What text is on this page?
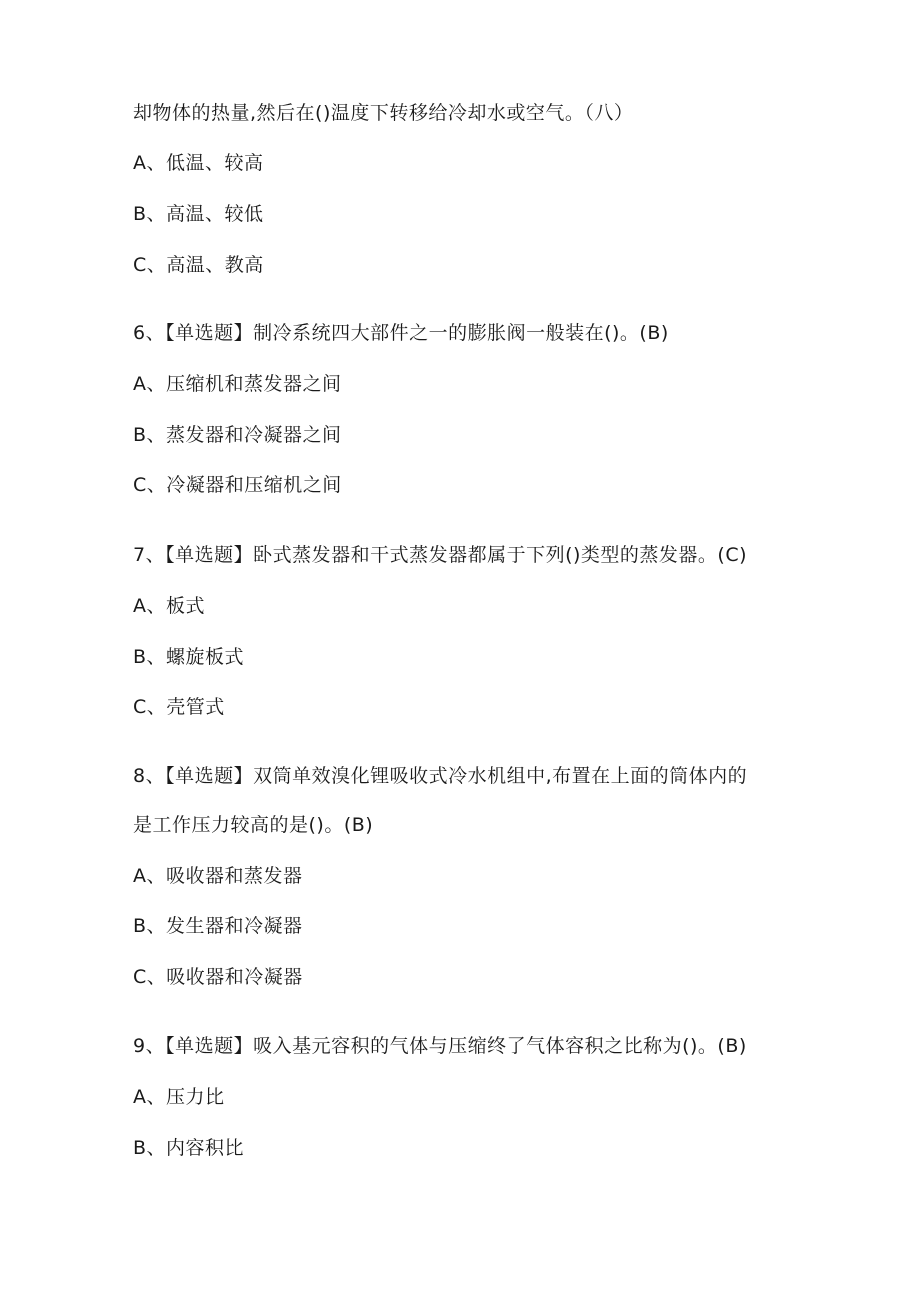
却物体的热量,然后在()温度下转移给冷却水或空气。（八）
A、低温、较高
B、高温、较低
C、高温、教高
6、【单选题】制冷系统四大部件之一的膨胀阀一般装在()。(B)
A、压缩机和蒸发器之间
B、蒸发器和冷凝器之间
C、冷凝器和压缩机之间
7、【单选题】卧式蒸发器和干式蒸发器都属于下列()类型的蒸发器。(C)
A、板式
B、螺旋板式
C、壳管式
8、【单选题】双筒单效溴化锂吸收式冷水机组中,布置在上面的筒体内的
是工作压力较高的是()。(B)
A、吸收器和蒸发器
B、发生器和冷凝器
C、吸收器和冷凝器
9、【单选题】吸入基元容积的气体与压缩终了气体容积之比称为()。(B)
A、压力比
B、内容积比
